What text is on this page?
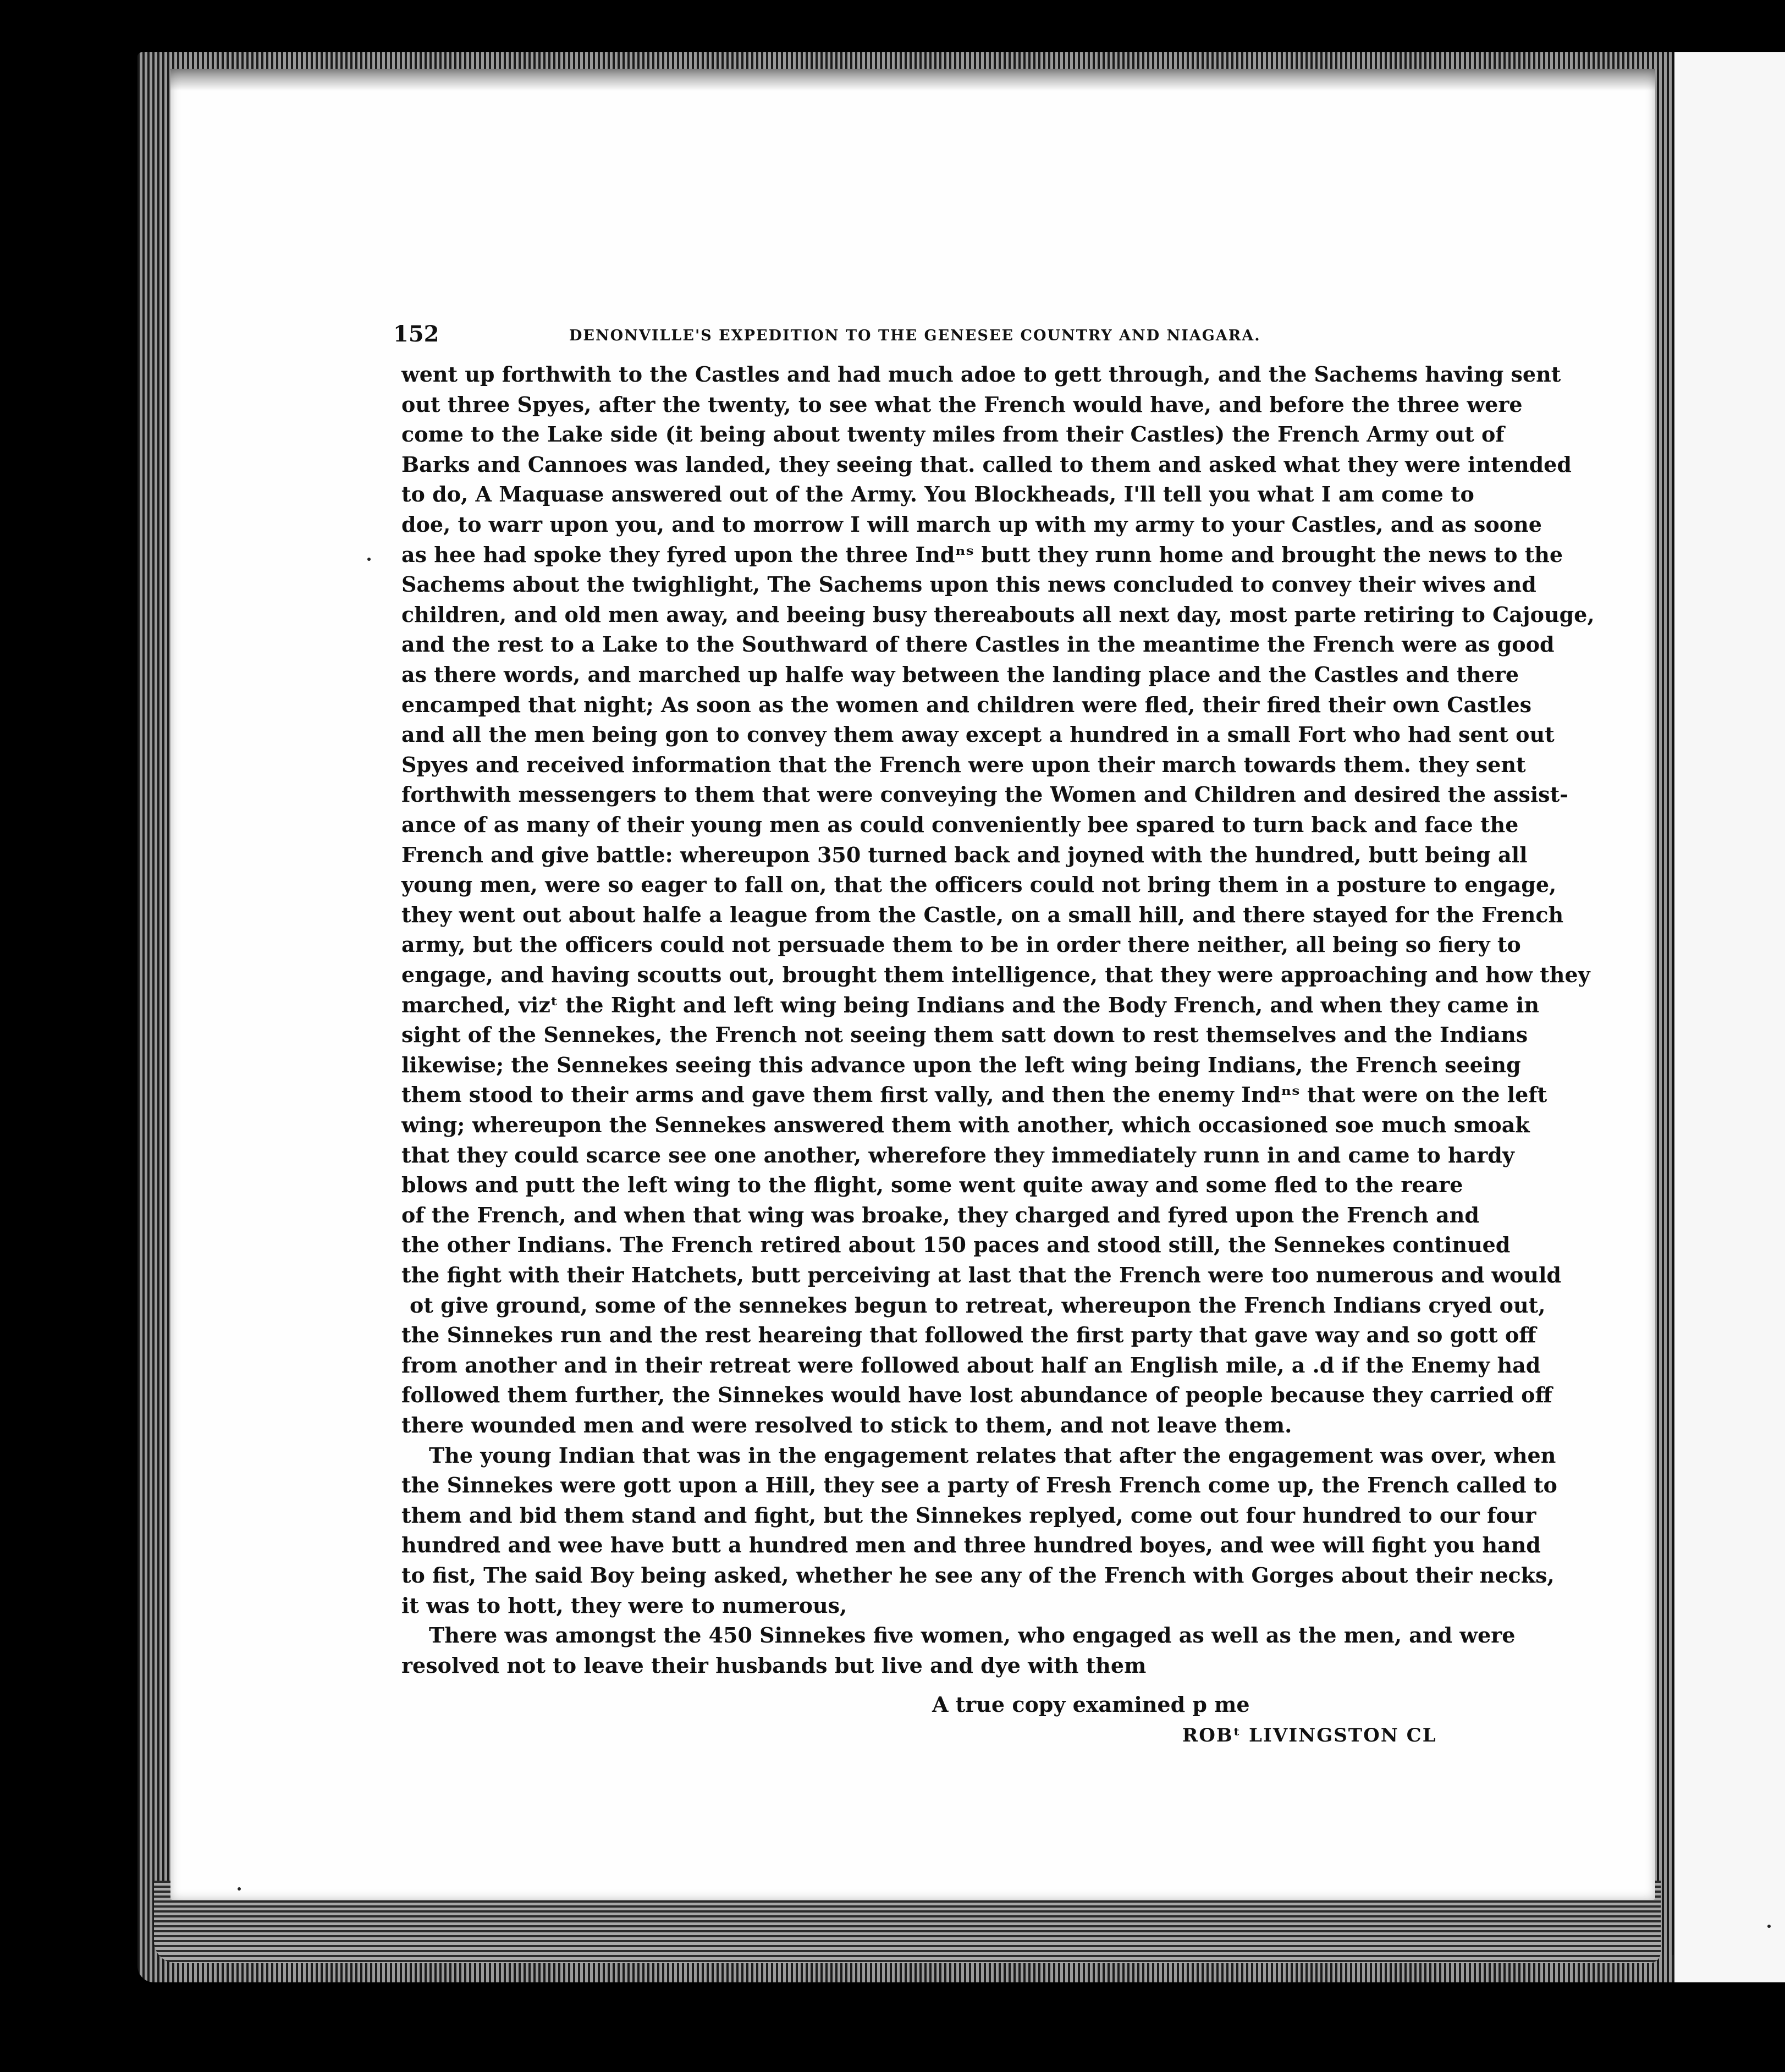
152	DENONVILLE'S EXPEDITION TO THE GENESEE COUNTRY AND NIAGARA.
went up forthwith to the Castles and had much adoe to gett through, and the Sachems having sent
out three Spyes, after the twenty, to see what the French would have, and before the three were
come to the Lake side (it being about twenty miles from their Castles) the French Army out of
Barks and Cannoes was landed, they seeing that. called to them and asked what they were intended
to do, A Maquase answered out of the Army. You Blockheads, I'll tell you what I am come to
doe, to warr upon you, and to morrow I will march up with my army to your Castles, and as soone
as hee had spoke they fyred upon the three Indⁿˢ butt they runn home and brought the news to the
Sachems about the twighlight, The Sachems upon this news concluded to convey their wives and
children, and old men away, and beeing busy thereabouts all next day, most parte retiring to Cajouge,
and the rest to a Lake to the Southward of there Castles in the meantime the French were as good
as there words, and marched up halfe way between the landing place and the Castles and there
encamped that night; As soon as the women and children were fled, their fired their own Castles
and all the men being gon to convey them away except a hundred in a small Fort who had sent out
Spyes and received information that the French were upon their march towards them. they sent
forthwith messengers to them that were conveying the Women and Children and desired the assist-
ance of as many of their young men as could conveniently bee spared to turn back and face the
French and give battle: whereupon 350 turned back and joyned with the hundred, butt being all
young men, were so eager to fall on, that the officers could not bring them in a posture to engage,
they went out about halfe a league from the Castle, on a small hill, and there stayed for the French
army, but the officers could not persuade them to be in order there neither, all being so fiery to
engage, and having scoutts out, brought them intelligence, that they were approaching and how they
marched, vizᵗ the Right and left wing being Indians and the Body French, and when they came in
sight of the Sennekes, the French not seeing them satt down to rest themselves and the Indians
likewise; the Sennekes seeing this advance upon the left wing being Indians, the French seeing
them stood to their arms and gave them first vally, and then the enemy Indⁿˢ that were on the left
wing; whereupon the Sennekes answered them with another, which occasioned soe much smoak
that they could scarce see one another, wherefore they immediately runn in and came to hardy
blows and putt the left wing to the flight, some went quite away and some fled to the reare
of the French, and when that wing was broake, they charged and fyred upon the French and
the other Indians. The French retired about 150 paces and stood still, the Sennekes continued
the fight with their Hatchets, butt perceiving at last that the French were too numerous and would
ot give ground, some of the sennekes begun to retreat, whereupon the French Indians cryed out,
the Sinnekes run and the rest heareing that followed the first party that gave way and so gott off
from another and in their retreat were followed about half an English mile, a .d if the Enemy had
followed them further, the Sinnekes would have lost abundance of people because they carried off
there wounded men and were resolved to stick to them, and not leave them.
The young Indian that was in the engagement relates that after the engagement was over, when
the Sinnekes were gott upon a Hill, they see a party of Fresh French come up, the French called to
them and bid them stand and fight, but the Sinnekes replyed, come out four hundred to our four
hundred and wee have butt a hundred men and three hundred boyes, and wee will fight you hand
to fist, The said Boy being asked, whether he see any of the French with Gorges about their necks,
it was to hott, they were to numerous,
There was amongst the 450 Sinnekes five women, who engaged as well as the men, and were
resolved not to leave their husbands but live and dye with them
A true copy examined p me
ROBᵗ LIVINGSTON CL
